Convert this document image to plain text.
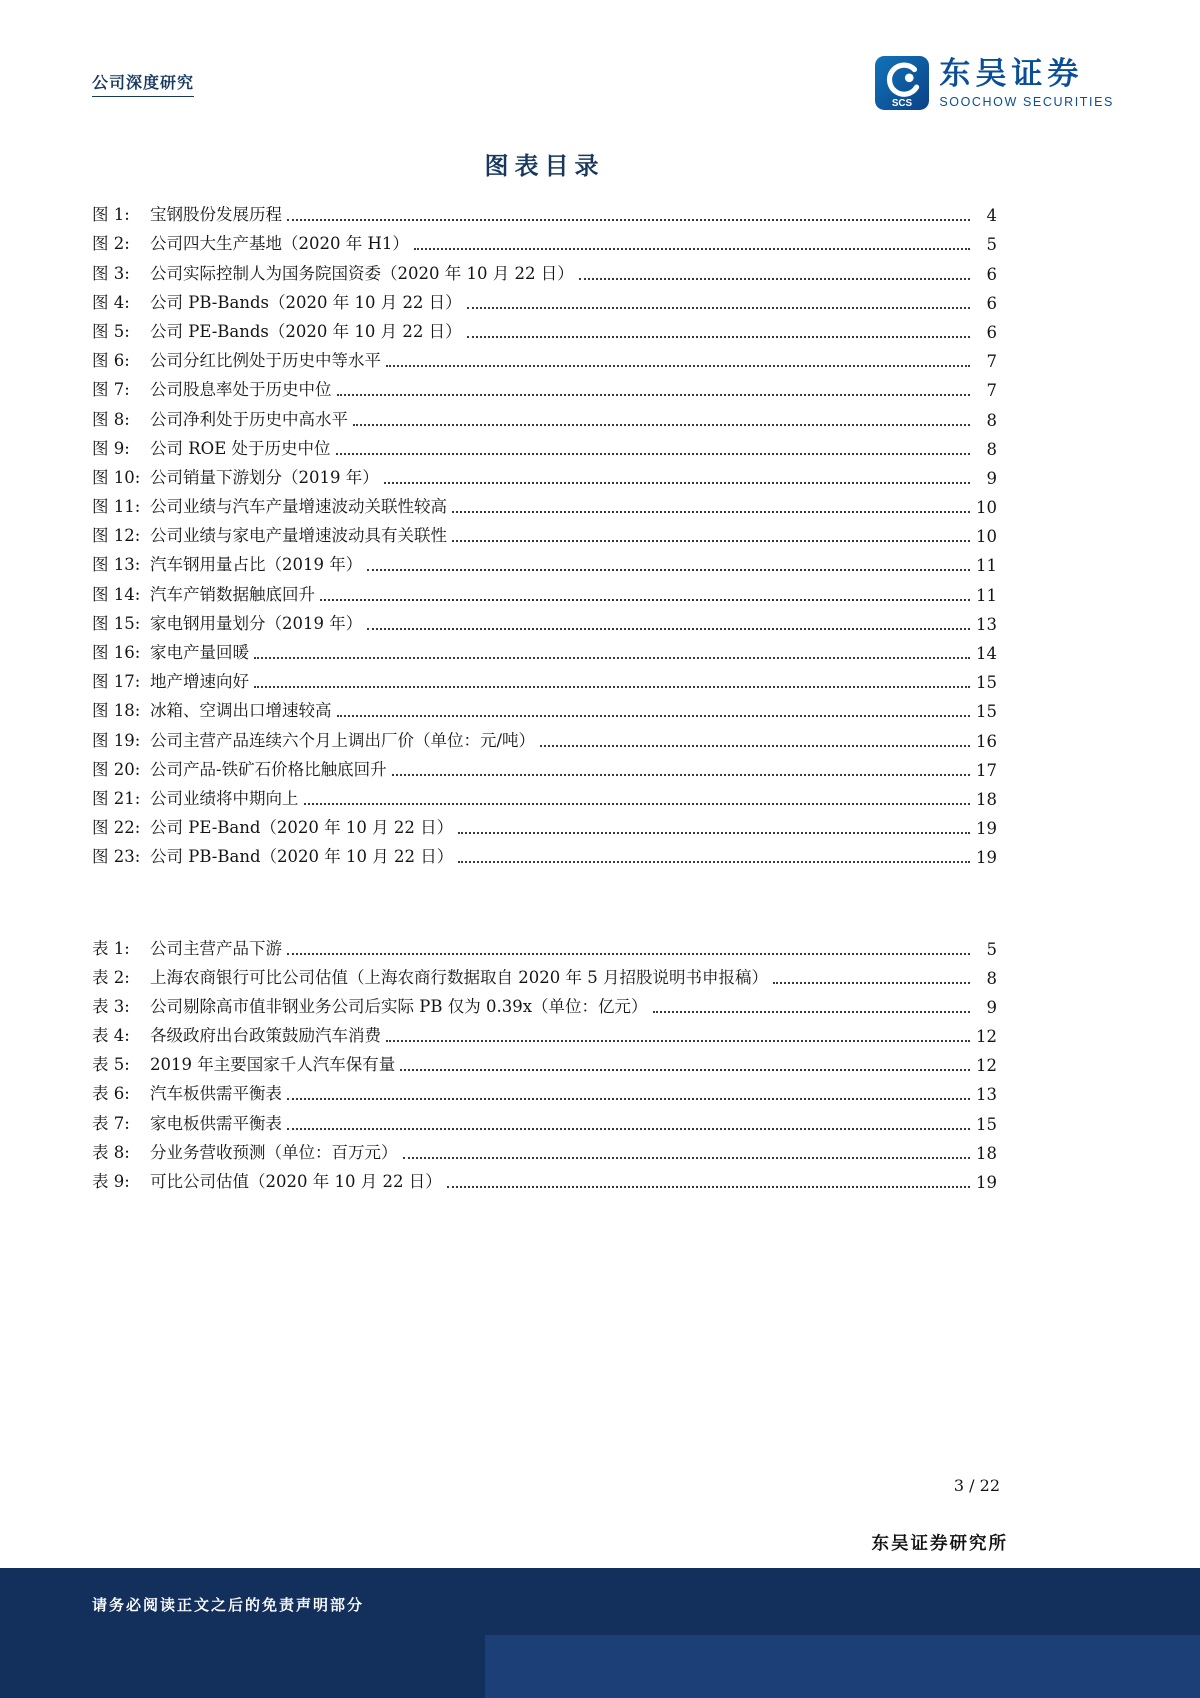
公司深度研究
SCS
东吴证券
SOOCHOW SECURITIES
图表目录
图 1:	宝钢股份发展历程	4
图 2:	公司四大生产基地（2020 年 H1）	5
图 3:	公司实际控制人为国务院国资委（2020 年 10 月 22 日）	6
图 4:	公司 PB-Bands（2020 年 10 月 22 日）	6
图 5:	公司 PE-Bands（2020 年 10 月 22 日）	6
图 6:	公司分红比例处于历史中等水平	7
图 7:	公司股息率处于历史中位	7
图 8:	公司净利处于历史中高水平	8
图 9:	公司 ROE 处于历史中位	8
图 10: 公司销量下游划分（2019 年）	9
图 11: 公司业绩与汽车产量增速波动关联性较高	10
图 12: 公司业绩与家电产量增速波动具有关联性	10
图 13: 汽车钢用量占比（2019 年）	11
图 14: 汽车产销数据触底回升	11
图 15: 家电钢用量划分（2019 年）	13
图 16: 家电产量回暖	14
图 17: 地产增速向好	15
图 18: 冰箱、空调出口增速较高	15
图 19: 公司主营产品连续六个月上调出厂价（单位：元/吨）	16
图 20: 公司产品-铁矿石价格比触底回升	17
图 21: 公司业绩将中期向上	18
图 22: 公司 PE-Band（2020 年 10 月 22 日）	19
图 23: 公司 PB-Band（2020 年 10 月 22 日）	19
表 1:	公司主营产品下游	5
表 2:	上海农商银行可比公司估值（上海农商行数据取自 2020 年 5 月招股说明书申报稿）	8
表 3:	公司剔除高市值非钢业务公司后实际 PB 仅为 0.39x（单位：亿元）	9
表 4:	各级政府出台政策鼓励汽车消费	12
表 5:	2019 年主要国家千人汽车保有量	12
表 6:	汽车板供需平衡表	13
表 7:	家电板供需平衡表	15
表 8:	分业务营收预测（单位：百万元）	18
表 9:	可比公司估值（2020 年 10 月 22 日）	19
3 / 22
东吴证券研究所
请务必阅读正文之后的免责声明部分
